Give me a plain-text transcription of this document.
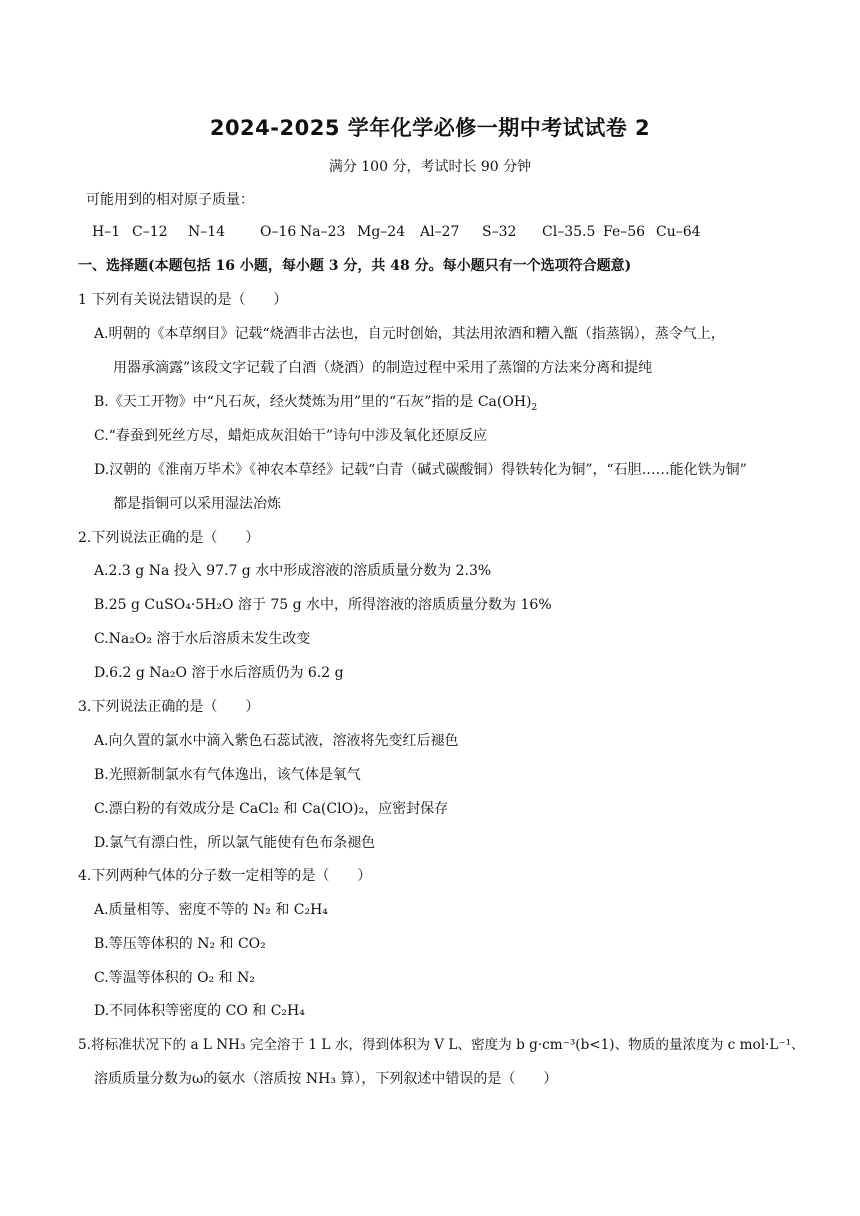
2024-2025 学年化学必修一期中考试试卷 2
满分 100 分，考试时长 90 分钟
可能用到的相对原子质量：
H–1 C–12 N–14 O–16 Na–23 Mg–24 Al–27 S–32 Cl–35.5 Fe–56 Cu–64
一、选择题(本题包括 16 小题，每小题 3 分，共 48 分。每小题只有一个选项符合题意)
1 下列有关说法错误的是（　　）
A.明朝的《本草纲目》记载“烧酒非古法也，自元时创始，其法用浓酒和糟入甑（指蒸锅），蒸令气上，
用器承滴露”该段文字记载了白酒（烧酒）的制造过程中采用了蒸馏的方法来分离和提纯
B.《天工开物》中“凡石灰，经火焚炼为用”里的“石灰”指的是 $Ca(OH)_2$
C.“春蚕到死丝方尽，蜡炬成灰泪始干”诗句中涉及氧化还原反应
D.汉朝的《淮南万毕术》《神农本草经》记载“白青（碱式碳酸铜）得铁转化为铜”，“石胆……能化铁为铜”
都是指铜可以采用湿法冶炼
2.下列说法正确的是（　　）
A.2.3 g Na 投入 97.7 g 水中形成溶液的溶质质量分数为 2.3%
B.25 g CuSO₄·5H₂O 溶于 75 g 水中，所得溶液的溶质质量分数为 16%
C.Na₂O₂ 溶于水后溶质未发生改变
D.6.2 g Na₂O 溶于水后溶质仍为 6.2 g
3.下列说法正确的是（　　）
A.向久置的氯水中滴入紫色石蕊试液，溶液将先变红后褪色
B.光照新制氯水有气体逸出，该气体是氧气
C.漂白粉的有效成分是 CaCl₂ 和 Ca(ClO)₂，应密封保存
D.氯气有漂白性，所以氯气能使有色布条褪色
4.下列两种气体的分子数一定相等的是（　　）
A.质量相等、密度不等的 N₂ 和 C₂H₄
B.等压等体积的 N₂ 和 CO₂
C.等温等体积的 O₂ 和 N₂
D.不同体积等密度的 CO 和 C₂H₄
5.将标准状况下的 a L NH₃ 完全溶于 1 L 水，得到体积为 V L、密度为 b g·cm⁻³(b<1)、物质的量浓度为 c mol·L⁻¹、
溶质质量分数为ω的氨水（溶质按 NH₃ 算），下列叙述中错误的是（　　）
